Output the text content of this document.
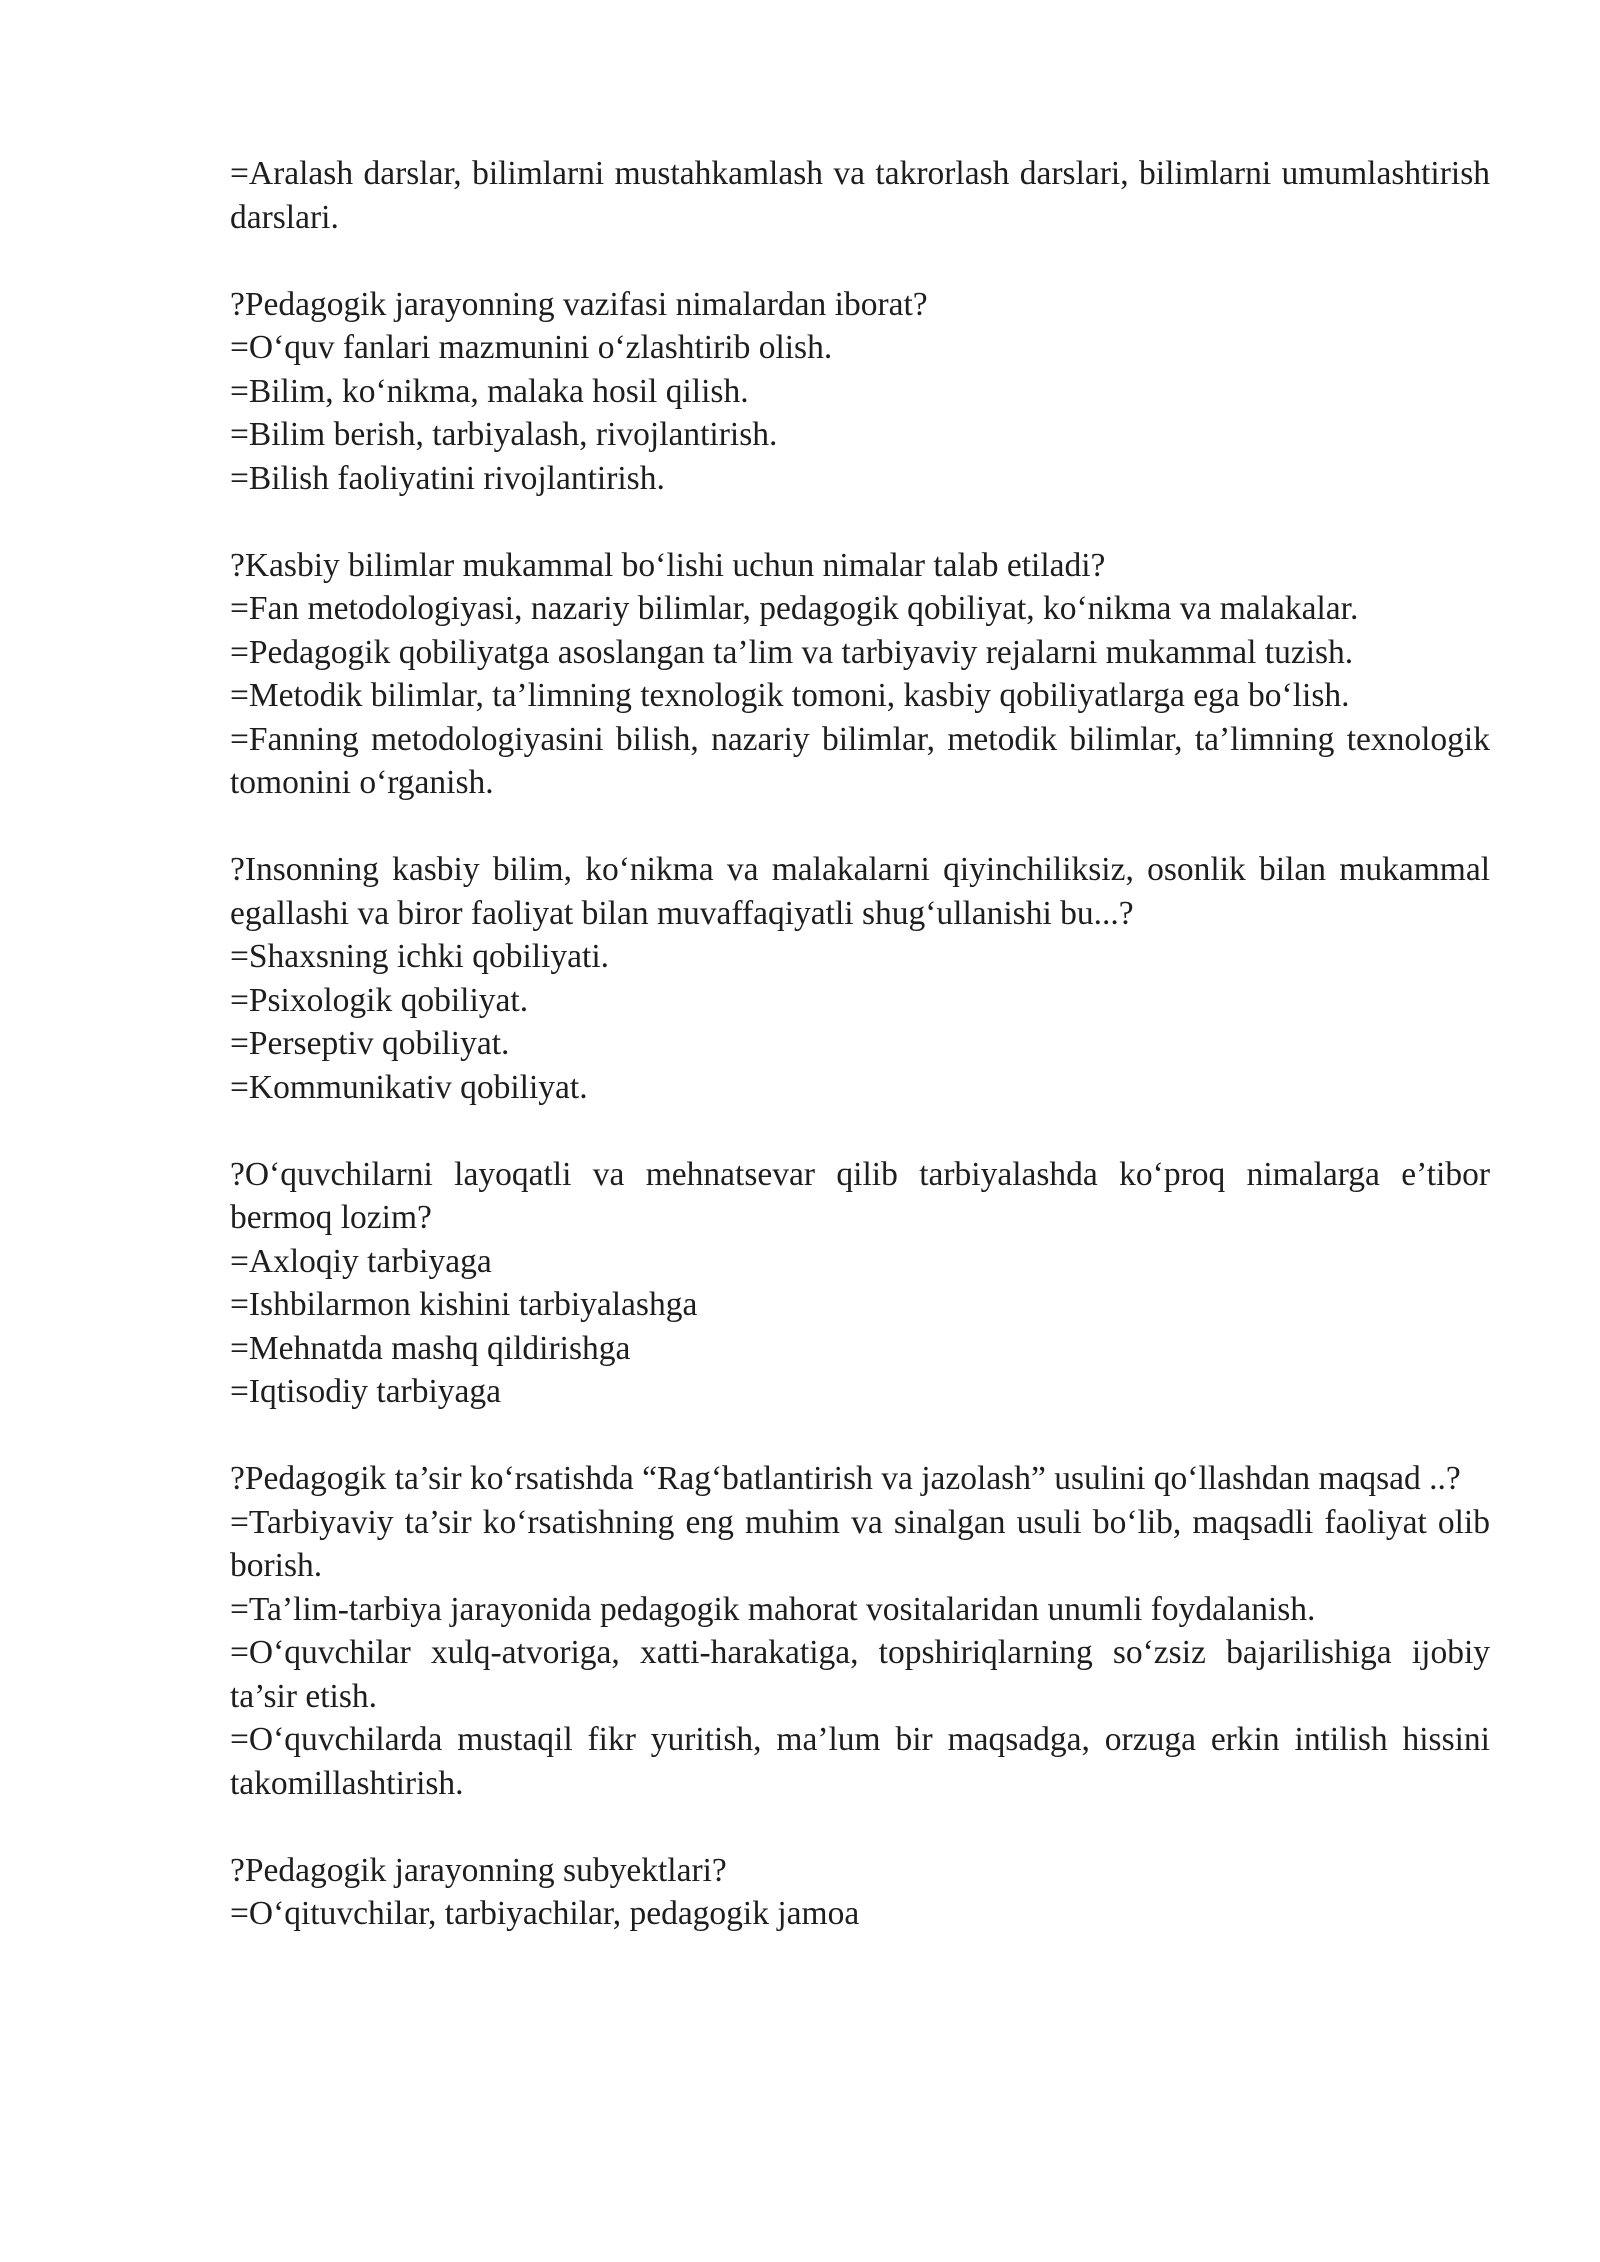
=Aralash darslar, bilimlarni mustahkamlash va takrorlash darslari, bilimlarni umumlashtirish darslari.

?Pedagogik jarayonning vazifasi nimalardan iborat?

=O‘quv fanlari mazmunini o‘zlashtirib olish.

=Bilim, ko‘nikma, malaka hosil qilish.

=Bilim berish, tarbiyalash, rivojlantirish.

=Bilish faoliyatini rivojlantirish.

?Kasbiy bilimlar mukammal bo‘lishi uchun nimalar talab etiladi?

=Fan metodologiyasi, nazariy bilimlar, pedagogik qobiliyat, ko‘nikma va malakalar.

=Pedagogik qobiliyatga asoslangan ta’lim va tarbiyaviy rejalarni mukammal tuzish.

=Metodik bilimlar, ta’limning texnologik tomoni, kasbiy qobiliyatlarga ega bo‘lish.

=Fanning metodologiyasini bilish, nazariy bilimlar, metodik bilimlar, ta’limning texnologik tomonini o‘rganish.

?Insonning kasbiy bilim, ko‘nikma va malakalarni qiyinchiliksiz, osonlik bilan mukammal egallashi va biror faoliyat bilan muvaffaqiyatli shug‘ullanishi bu...?

=Shaxsning ichki qobiliyati.

=Psixologik qobiliyat.

=Perseptiv qobiliyat.

=Kommunikativ qobiliyat.

?O‘quvchilarni layoqatli va mehnatsevar qilib tarbiyalashda ko‘proq nimalarga e’tibor bermoq lozim?

=Axloqiy tarbiyaga

=Ishbilarmon kishini tarbiyalashga

=Mehnatda mashq qildirishga

=Iqtisodiy tarbiyaga

?Pedagogik ta’sir ko‘rsatishda “Rag‘batlantirish va jazolash” usulini qo‘llashdan maqsad ..?

=Tarbiyaviy ta’sir ko‘rsatishning eng muhim va sinalgan usuli bo‘lib, maqsadli faoliyat olib borish.

=Ta’lim-tarbiya jarayonida pedagogik mahorat vositalaridan unumli foydalanish.

=O‘quvchilar xulq-atvoriga, xatti-harakatiga, topshiriqlarning so‘zsiz bajarilishiga ijobiy ta’sir etish.

=O‘quvchilarda mustaqil fikr yuritish, ma’lum bir maqsadga, orzuga erkin intilish hissini takomillashtirish.

?Pedagogik jarayonning subyektlari?

=O‘qituvchilar, tarbiyachilar, pedagogik jamoa
